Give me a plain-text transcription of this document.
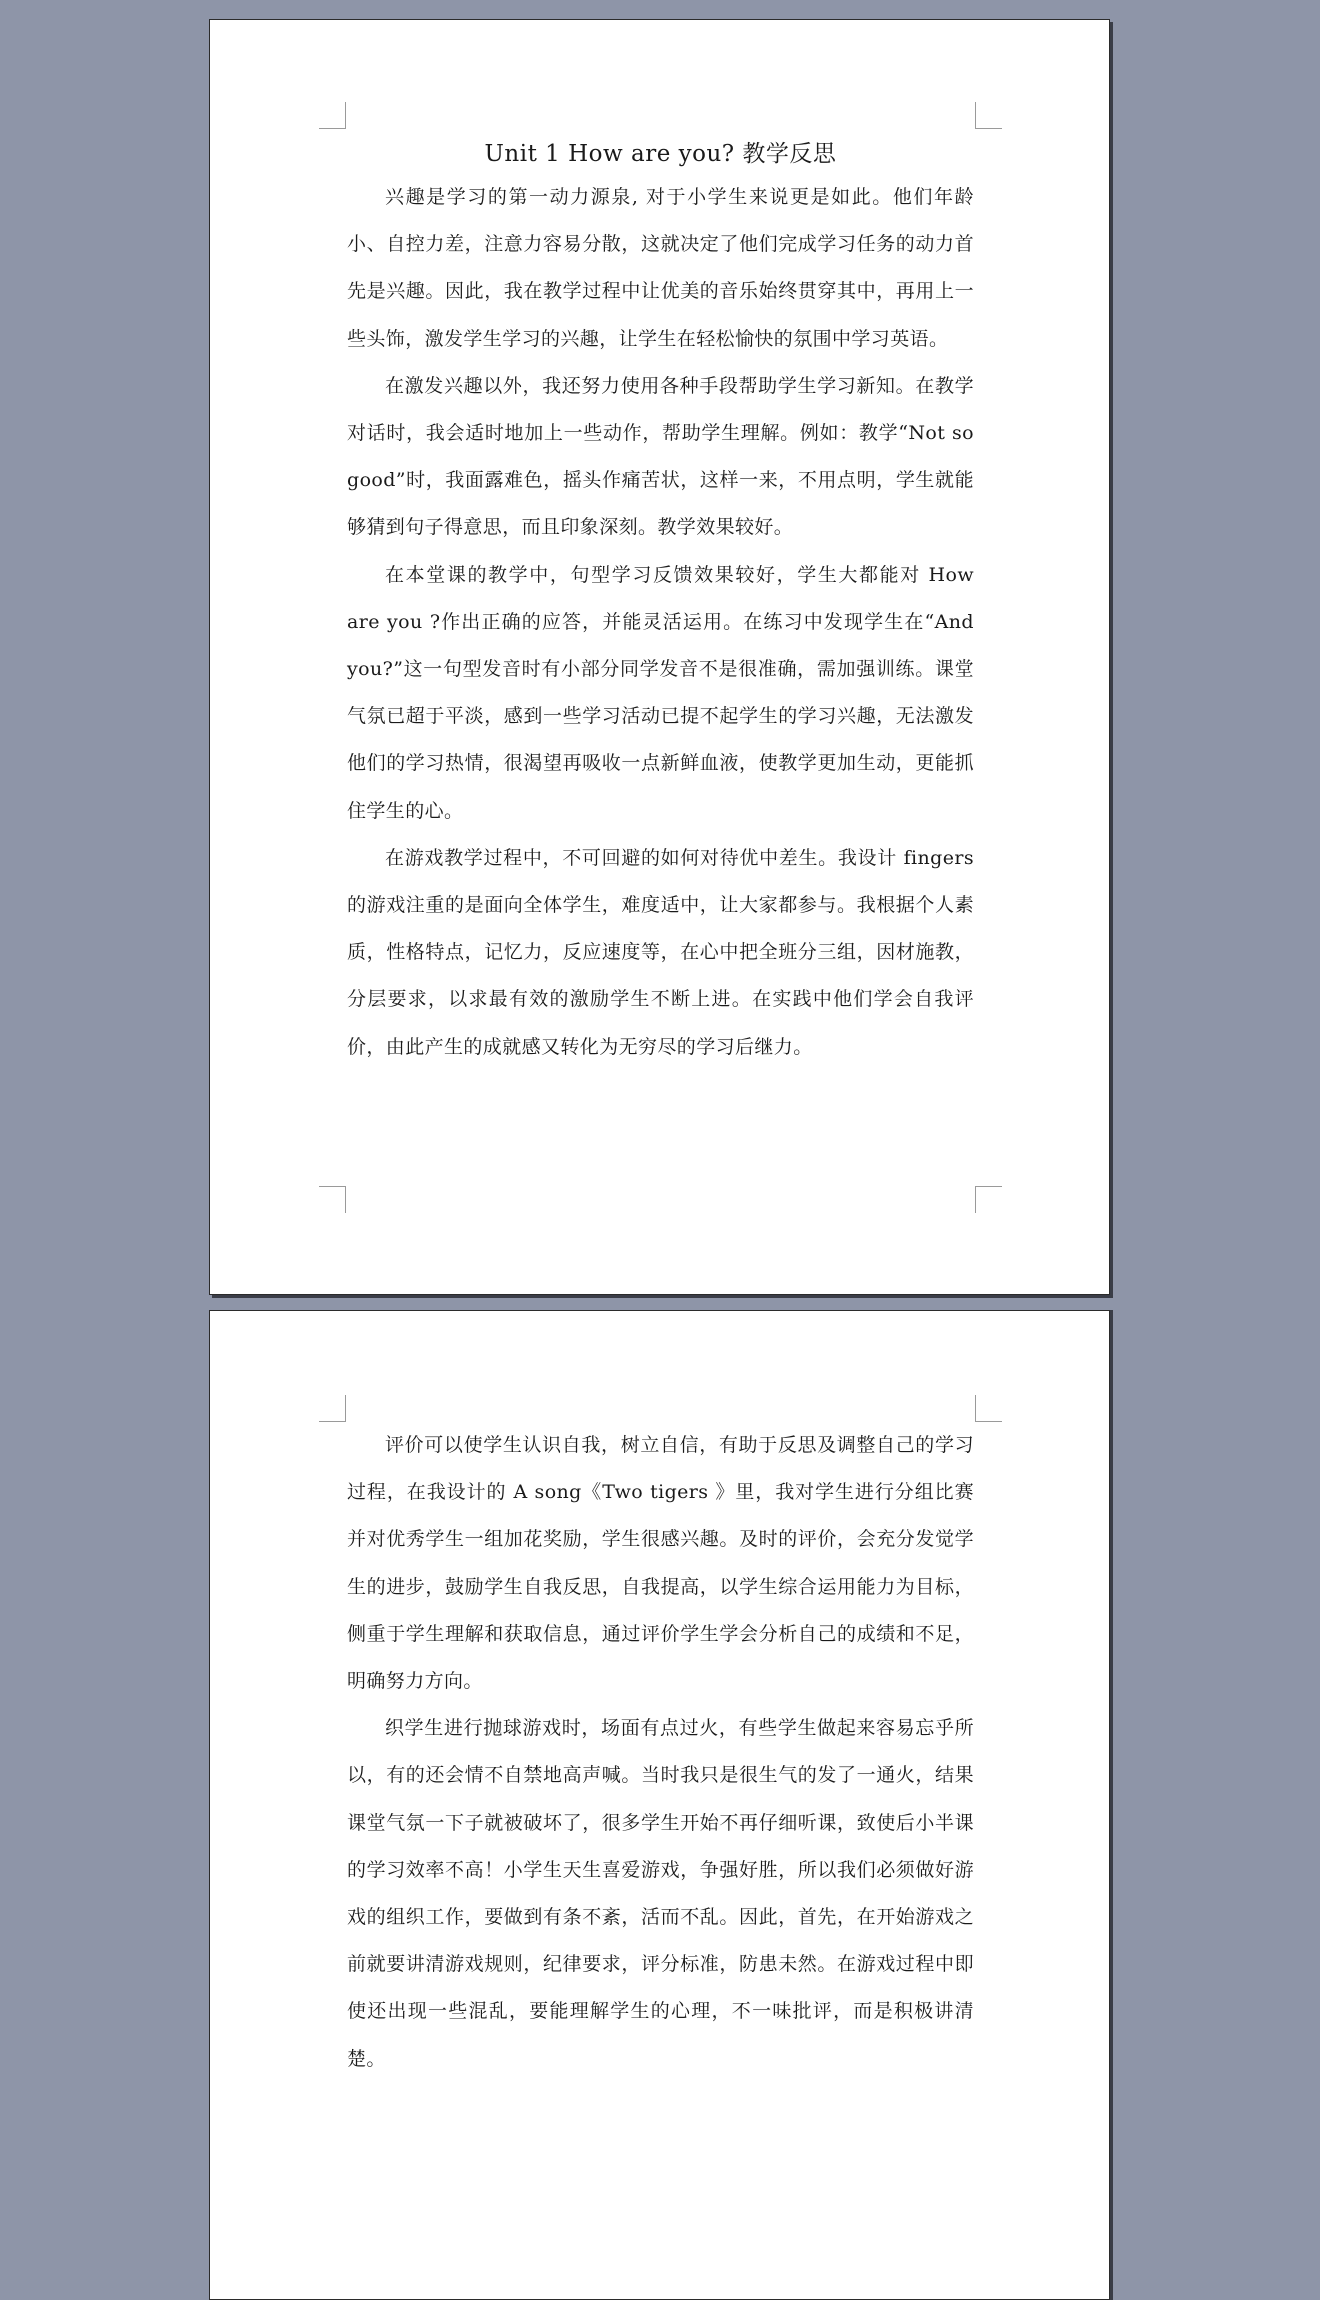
Unit 1 How are you? 教学反思

兴趣是学习的第一动力源泉, 对于小学生来说更是如此。他们年龄小、自控力差，注意力容易分散，这就决定了他们完成学习任务的动力首先是兴趣。因此，我在教学过程中让优美的音乐始终贯穿其中，再用上一些头饰，激发学生学习的兴趣，让学生在轻松愉快的氛围中学习英语。

在激发兴趣以外，我还努力使用各种手段帮助学生学习新知。在教学对话时，我会适时地加上一些动作，帮助学生理解。例如：教学“Not so good”时，我面露难色，摇头作痛苦状，这样一来，不用点明，学生就能够猜到句子得意思，而且印象深刻。教学效果较好。

在本堂课的教学中，句型学习反馈效果较好，学生大都能对 How are you ?作出正确的应答，并能灵活运用。在练习中发现学生在“And you?”这一句型发音时有小部分同学发音不是很准确，需加强训练。课堂气氛已超于平淡，感到一些学习活动已提不起学生的学习兴趣，无法激发他们的学习热情，很渴望再吸收一点新鲜血液，使教学更加生动，更能抓住学生的心。

在游戏教学过程中，不可回避的如何对待优中差生。我设计 fingers 的游戏注重的是面向全体学生，难度适中，让大家都参与。我根据个人素质，性格特点，记忆力，反应速度等，在心中把全班分三组，因材施教，分层要求，以求最有效的激励学生不断上进。在实践中他们学会自我评价，由此产生的成就感又转化为无穷尽的学习后继力。

评价可以使学生认识自我，树立自信，有助于反思及调整自己的学习过程，在我设计的 A song《Two tigers 》里，我对学生进行分组比赛并对优秀学生一组加花奖励，学生很感兴趣。及时的评价，会充分发觉学生的进步，鼓励学生自我反思，自我提高，以学生综合运用能力为目标，侧重于学生理解和获取信息，通过评价学生学会分析自己的成绩和不足，明确努力方向。

织学生进行抛球游戏时，场面有点过火，有些学生做起来容易忘乎所以，有的还会情不自禁地高声喊。当时我只是很生气的发了一通火，结果课堂气氛一下子就被破坏了，很多学生开始不再仔细听课，致使后小半课的学习效率不高！小学生天生喜爱游戏，争强好胜，所以我们必须做好游戏的组织工作，要做到有条不紊，活而不乱。因此，首先，在开始游戏之前就要讲清游戏规则，纪律要求，评分标准，防患未然。在游戏过程中即使还出现一些混乱，要能理解学生的心理，不一味批评，而是积极讲清楚。
